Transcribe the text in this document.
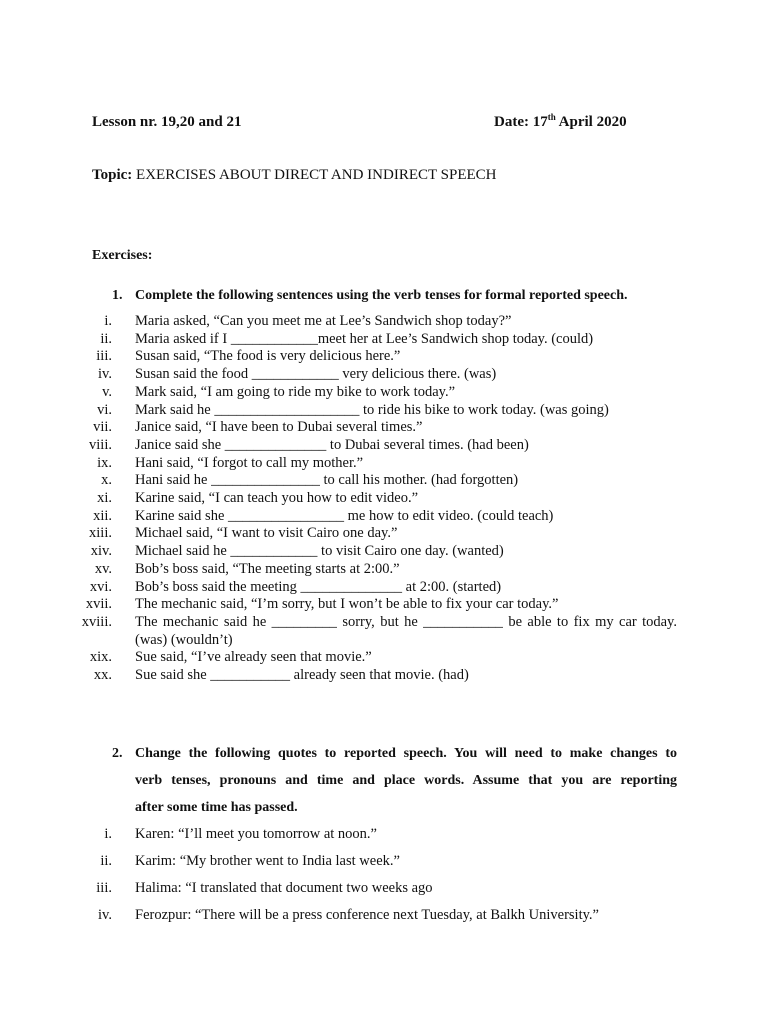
Lesson nr. 19,20 and 21	Date: 17th April 2020
Topic: EXERCISES ABOUT DIRECT AND INDIRECT SPEECH
Exercises:
1. Complete the following sentences using the verb tenses for formal reported speech.
i. Maria asked, “Can you meet me at Lee’s Sandwich shop today?”
ii. Maria asked if I ____________meet her at Lee’s Sandwich shop today. (could)
iii. Susan said, “The food is very delicious here.”
iv. Susan said the food ____________ very delicious there. (was)
v. Mark said, “I am going to ride my bike to work today.”
vi. Mark said he ____________________ to ride his bike to work today. (was going)
vii. Janice said, “I have been to Dubai several times.”
viii. Janice said she ______________ to Dubai several times. (had been)
ix. Hani said, “I forgot to call my mother.”
x. Hani said he _______________ to call his mother. (had forgotten)
xi. Karine said, “I can teach you how to edit video.”
xii. Karine said she ________________ me how to edit video. (could teach)
xiii. Michael said, “I want to visit Cairo one day.”
xiv. Michael said he ____________ to visit Cairo one day. (wanted)
xv. Bob’s boss said, “The meeting starts at 2:00.”
xvi. Bob’s boss said the meeting ______________ at 2:00. (started)
xvii. The mechanic said, “I’m sorry, but I won’t be able to fix your car today.”
xviii. The mechanic said he _________ sorry, but he ___________ be able to fix my car today.
(was) (wouldn’t)
xix. Sue said, “I’ve already seen that movie.”
xx. Sue said she ___________ already seen that movie. (had)
2. Change the following quotes to reported speech. You will need to make changes to
verb tenses, pronouns and time and place words. Assume that you are reporting
after some time has passed.
i. Karen: “I’ll meet you tomorrow at noon.”
ii. Karim: “My brother went to India last week.”
iii. Halima: “I translated that document two weeks ago
iv. Ferozpur: “There will be a press conference next Tuesday, at Balkh University.”
